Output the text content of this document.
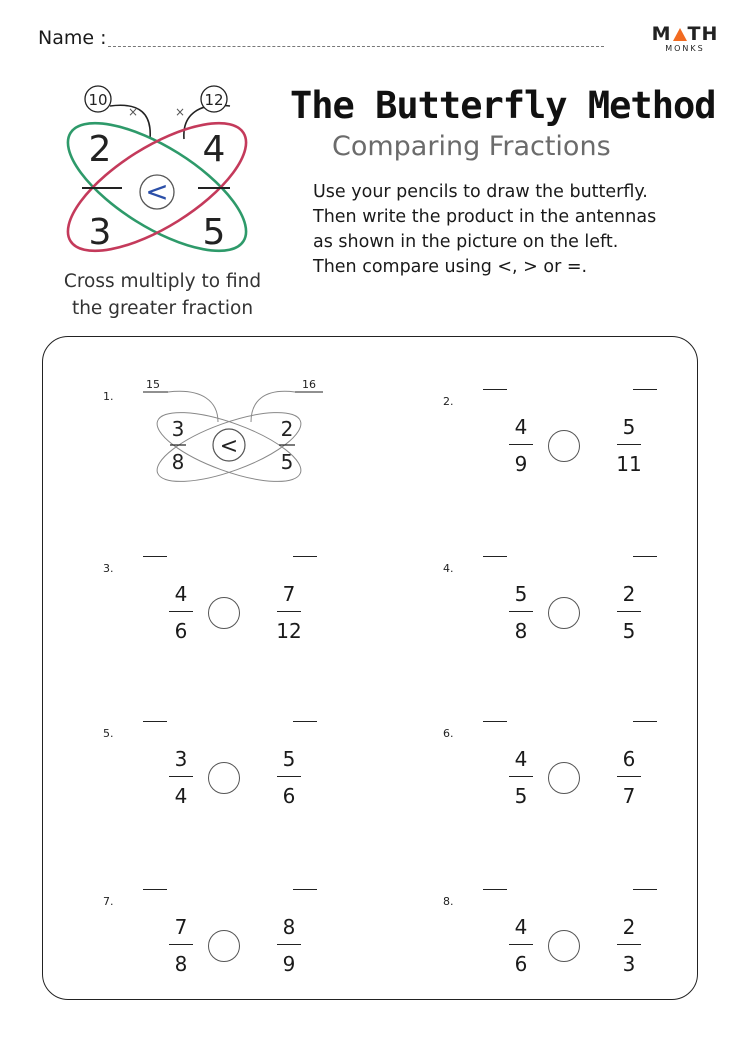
Name :	M TH
MONKS
10	12
×	×
2
3
4
5
<
Cross multiply to find
the greater fraction
The Butterfly Method
Comparing Fractions
Use your pencils to draw the butterfly.
Then write the product in the antennas
as shown in the picture on the left.
Then compare using <, > or =.
1.
15	16
3
8
2
5
<
2.
4
9
5
11
3.
4
6
7
12
4.
5
8
2
5
5.
3
4
5
6
6.
4
5
6
7
7.
7
8
8
9
8.
4
6
2
3
